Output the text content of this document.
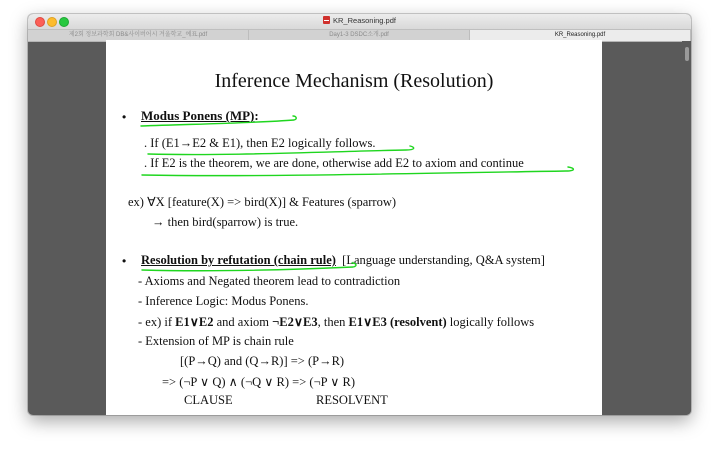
KR_Reasoning.pdf
제2회 정보과학회 DB&사이버어시 겨울학교_예표.pdf	Day1-3 DSDC소개.pdf	KR_Reasoning.pdf
Inference Mechanism (Resolution)
• Modus Ponens (MP):
. If (E1→E2 & E1), then E2 logically follows.
. If E2 is the theorem, we are done, otherwise add E2 to axiom and continue
ex) ∀X [feature(X) => bird(X)] & Features (sparrow)
→ then bird(sparrow) is true.
• Resolution by refutation (chain rule) [Language understanding, Q&A system]
- Axioms and Negated theorem lead to contradiction
- Inference Logic: Modus Ponens.
- ex) if E1∨E2 and axiom ¬E2∨E3, then E1∨E3 (resolvent) logically follows
- Extension of MP is chain rule
[(P→Q) and (Q→R)] => (P→R)
=> (¬P ∨ Q) ∧ (¬Q ∨ R) => (¬P ∨ R)
CLAUSE	RESOLVENT
